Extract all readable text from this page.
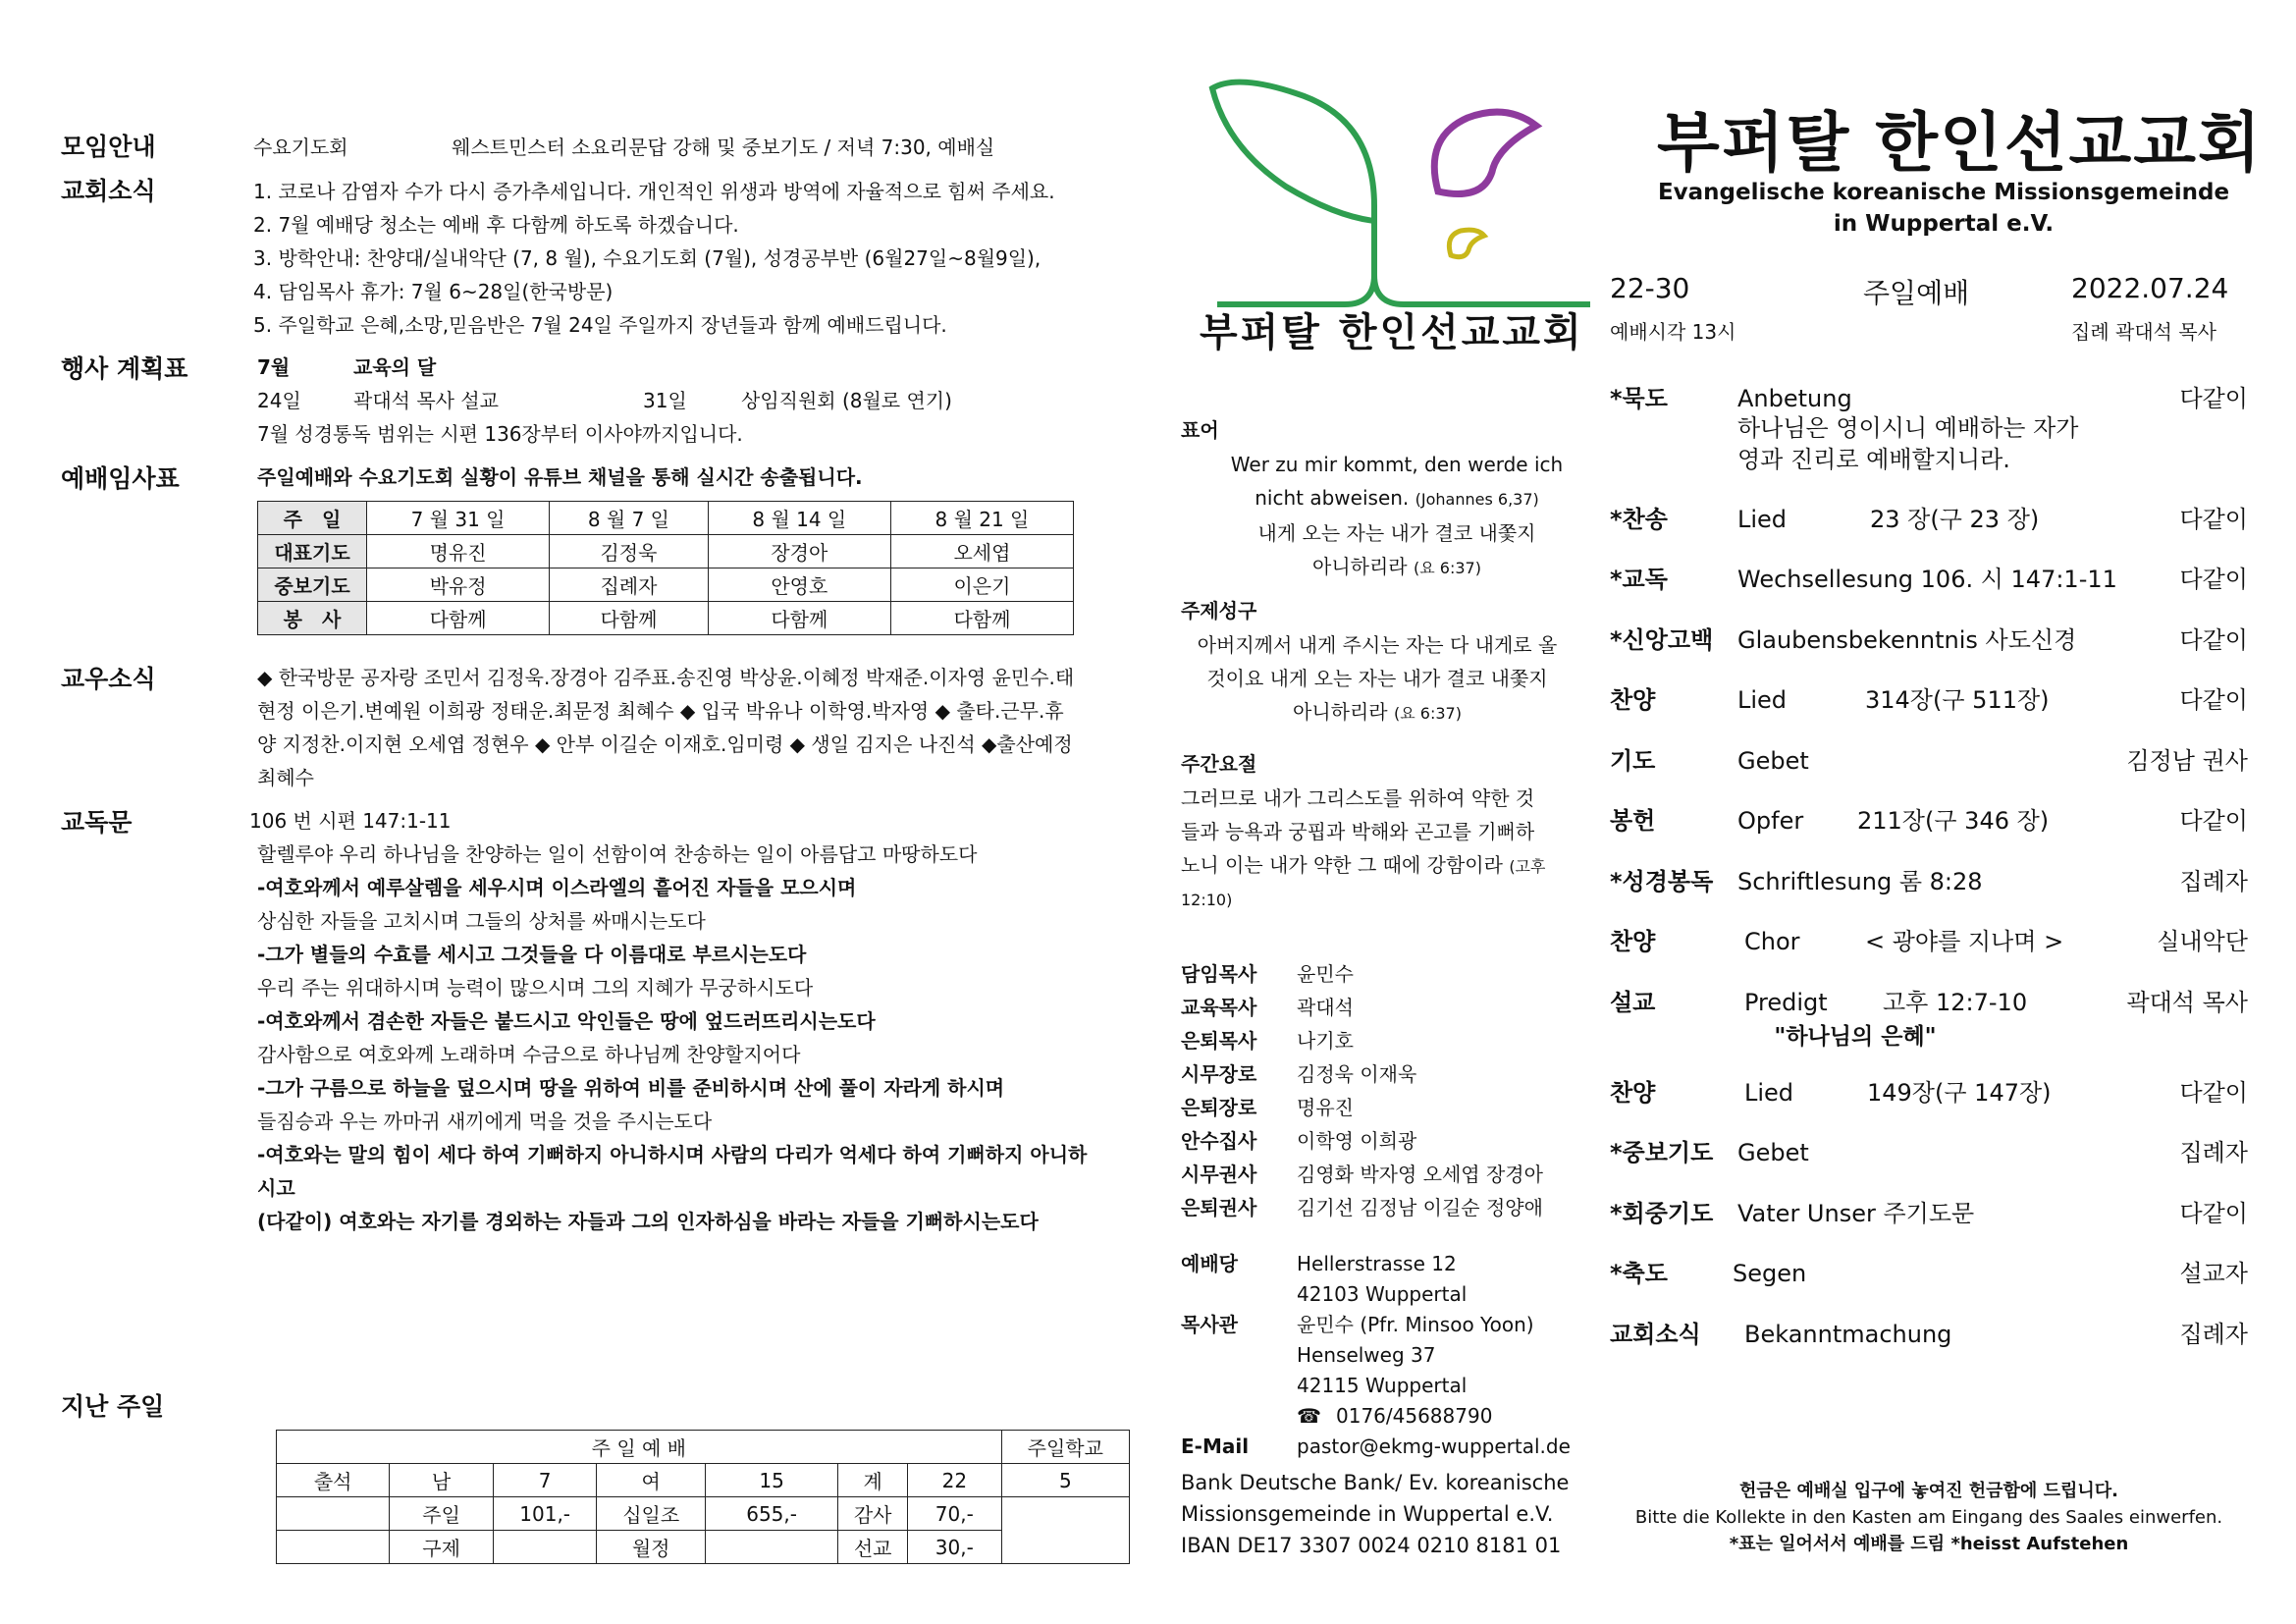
모임안내	수요기도회	웨스트민스터 소요리문답 강해 및 중보기도 / 저녁 7:30, 예배실
교회소식	1. 코로나 감염자 수가 다시 증가추세입니다. 개인적인 위생과 방역에 자율적으로 힘써 주세요.
2. 7월 예배당 청소는 예배 후 다함께 하도록 하겠습니다.
3. 방학안내: 찬양대/실내악단 (7, 8 월), 수요기도회 (7월), 성경공부반 (6월27일~8월9일),
4. 담임목사 휴가: 7월 6~28일(한국방문)
5. 주일학교 은혜,소망,믿음반은 7월 24일 주일까지 장년들과 함께 예배드립니다.
행사 계획표	7월	교육의 달
24일	곽대석 목사 설교	31일	상임직원회 (8월로 연기)
7월 성경통독 범위는 시편 136장부터 이사야까지입니다.
예배임사표	주일예배와 수요기도회 실황이 유튜브 채널을 통해 실시간 송출됩니다.
주　일	7 월 31 일	8 월 7 일	8 월 14 일	8 월 21 일
대표기도	명유진	김정욱	장경아	오세엽
중보기도	박유정	집례자	안영호	이은기
봉　사	다함께	다함께	다함께	다함께
교우소식	◆ 한국방문 공자랑 조민서 김정욱.장경아 김주표.송진영 박상윤.이혜정 박재준.이자영 윤민수.태
현정 이은기.변예원 이희광 정태운.최문정 최혜수 ◆ 입국 박유나 이학영.박자영 ◆ 출타.근무.휴
양 지정찬.이지현 오세엽 정현우 ◆ 안부 이길순 이재호.임미령 ◆ 생일 김지은 나진석 ◆출산예정
최혜수
교독문	106 번 시편 147:1-11
할렐루야 우리 하나님을 찬양하는 일이 선함이여 찬송하는 일이 아름답고 마땅하도다
-여호와께서 예루살렘을 세우시며 이스라엘의 흩어진 자들을 모으시며
상심한 자들을 고치시며 그들의 상처를 싸매시는도다
-그가 별들의 수효를 세시고 그것들을 다 이름대로 부르시는도다
우리 주는 위대하시며 능력이 많으시며 그의 지혜가 무궁하시도다
-여호와께서 겸손한 자들은 붙드시고 악인들은 땅에 엎드러뜨리시는도다
감사함으로 여호와께 노래하며 수금으로 하나님께 찬양할지어다
-그가 구름으로 하늘을 덮으시며 땅을 위하여 비를 준비하시며 산에 풀이 자라게 하시며
들짐승과 우는 까마귀 새끼에게 먹을 것을 주시는도다
-여호와는 말의 힘이 세다 하여 기뻐하지 아니하시며 사람의 다리가 억세다 하여 기뻐하지 아니하
시고
(다같이) 여호와는 자기를 경외하는 자들과 그의 인자하심을 바라는 자들을 기뻐하시는도다
지난 주일
주 일 예 배							주일학교
출석	남	7	여	15	계	22	5
	주일	101,-	십일조	655,-	감사	70,-	
	구제		월정		선교	30,-	
부퍼탈 한인선교교회
표어
Wer zu mir kommt, den werde ich
nicht abweisen. (Johannes 6,37)
내게 오는 자는 내가 결코 내쫓지
아니하리라 (요 6:37)
주제성구
아버지께서 내게 주시는 자는 다 내게로 올
것이요 내게 오는 자는 내가 결코 내쫓지
아니하리라 (요 6:37)
주간요절
그러므로 내가 그리스도를 위하여 약한 것
들과 능욕과 궁핍과 박해와 곤고를 기뻐하
노니 이는 내가 약한 그 때에 강함이라 (고후
12:10)
담임목사 윤민수
교육목사 곽대석
은퇴목사 나기호
시무장로 김정욱 이재욱
은퇴장로 명유진
안수집사 이학영 이희광
시무권사 김영화 박자영 오세엽 장경아
은퇴권사 김기선 김정남 이길순 정양애
예배당	Hellerstrasse 12
42103 Wuppertal
목사관	윤민수 (Pfr. Minsoo Yoon)
Henselweg 37
42115 Wuppertal
☎ 0176/45688790
E-Mail pastor@ekmg-wuppertal.de
Bank Deutsche Bank/ Ev. koreanische
Missionsgemeinde in Wuppertal e.V.
IBAN DE17 3307 0024 0210 8181 01
부퍼탈 한인선교교회
Evangelische koreanische Missionsgemeinde
in Wuppertal e.V.
22-30	주일예배	2022.07.24
예배시각 13시	집례 곽대석 목사
*묵도	Anbetung	다같이
하나님은 영이시니 예배하는 자가
영과 진리로 예배할지니라.
*찬송	Lied	23 장(구 23 장)	다같이
*교독	Wechsellesung 106. 시 147:1-11	다같이
*신앙고백 Glaubensbekenntnis 사도신경	다같이
찬양	Lied	314장(구 511장)	다같이
기도	Gebet	김정남 권사
봉헌	Opfer 211장(구 346 장)	다같이
*성경봉독 Schriftlesung 롬 8:28	집례자
찬양	Chor	< 광야를 지나며 >	실내악단
설교	Predigt 고후 12:7-10	곽대석 목사
"하나님의 은혜"
찬양	Lied	149장(구 147장)	다같이
*중보기도 Gebet	집례자
*회중기도 Vater Unser 주기도문	다같이
*축도	Segen	설교자
교회소식 Bekanntmachung	집례자
헌금은 예배실 입구에 놓여진 헌금함에 드립니다.
Bitte die Kollekte in den Kasten am Eingang des Saales einwerfen.
*표는 일어서서 예배를 드림 *heisst Aufstehen
